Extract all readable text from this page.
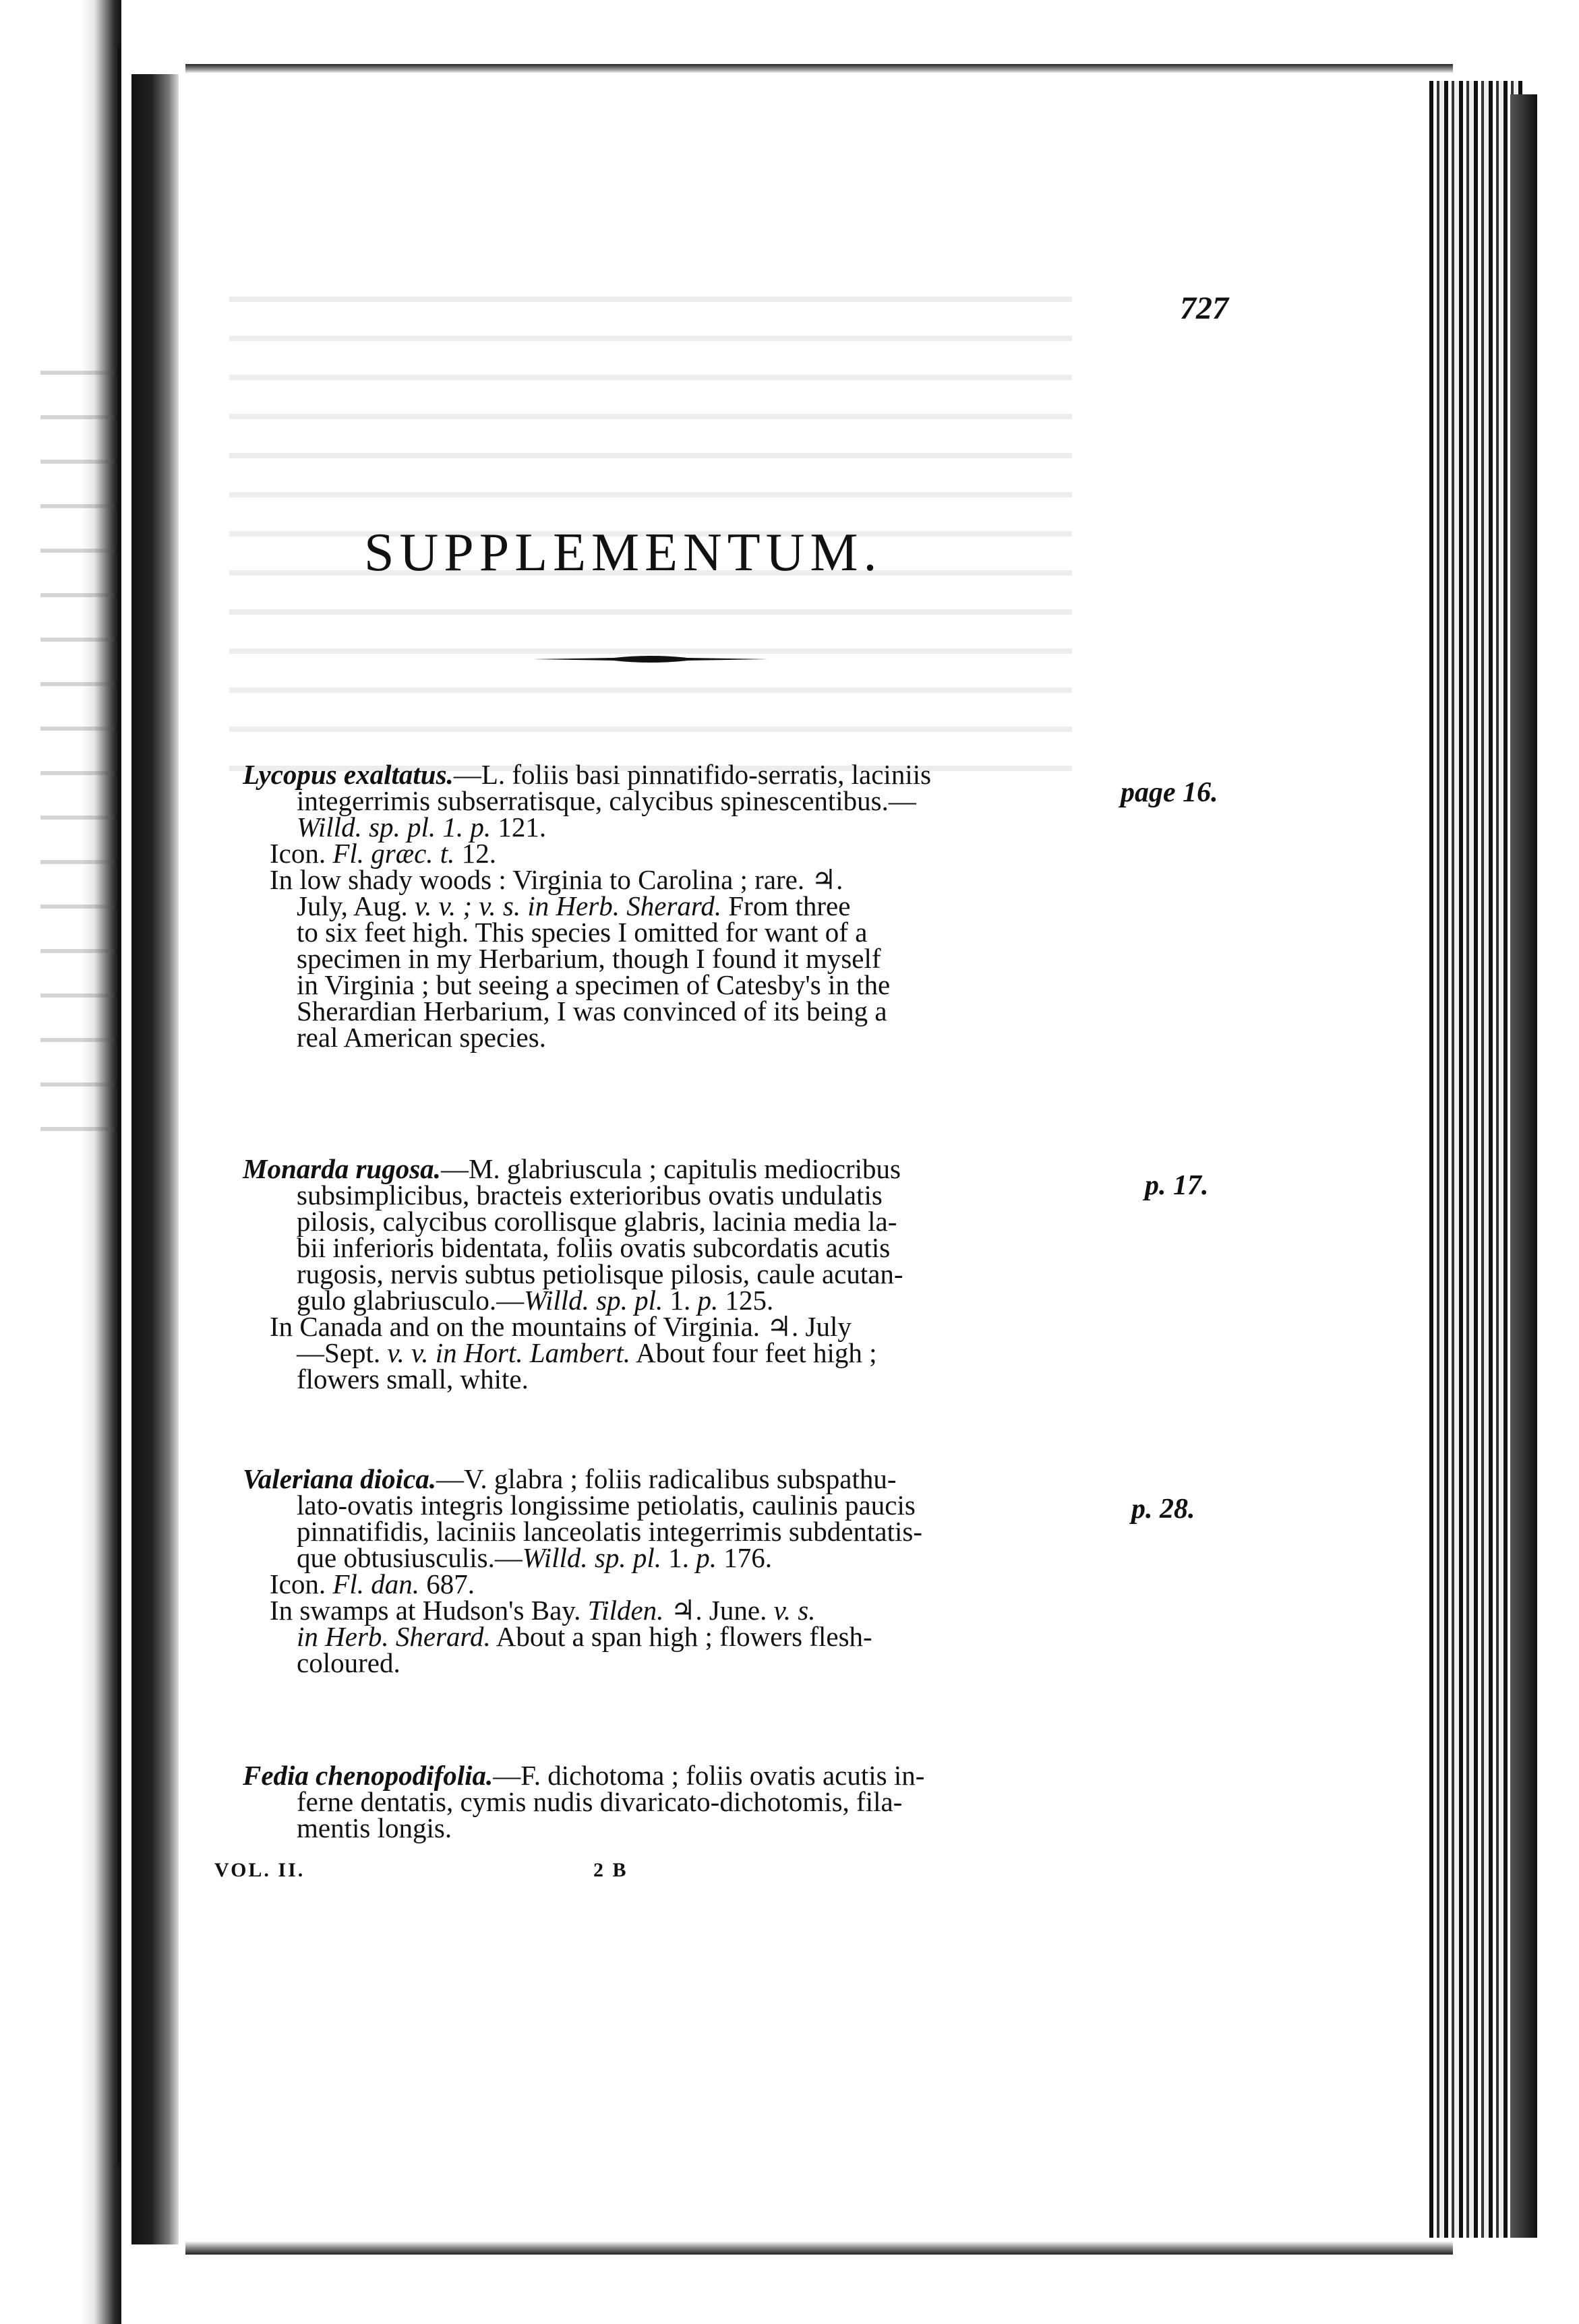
727
SUPPLEMENTUM.
Lycopus exaltatus.—L. foliis basi pinnatifido-serratis, laciniis
integerrimis subserratisque, calycibus spinescentibus.—
Willd. sp. pl. 1. p. 121.
Icon. Fl. græc. t. 12.
In low shady woods : Virginia to Carolina ; rare. ♃.
July, Aug. v. v. ; v. s. in Herb. Sherard. From three
to six feet high. This species I omitted for want of a
specimen in my Herbarium, though I found it myself
in Virginia ; but seeing a specimen of Catesby's in the
Sherardian Herbarium, I was convinced of its being a
real American species.
page 16.
Monarda rugosa.—M. glabriuscula ; capitulis mediocribus
subsimplicibus, bracteis exterioribus ovatis undulatis
pilosis, calycibus corollisque glabris, lacinia media la-
bii inferioris bidentata, foliis ovatis subcordatis acutis
rugosis, nervis subtus petiolisque pilosis, caule acutan-
gulo glabriusculo.—Willd. sp. pl. 1. p. 125.
In Canada and on the mountains of Virginia. ♃. July
—Sept. v. v. in Hort. Lambert. About four feet high ;
flowers small, white.
p. 17.
Valeriana dioica.—V. glabra ; foliis radicalibus subspathu-
lato-ovatis integris longissime petiolatis, caulinis paucis
pinnatifidis, laciniis lanceolatis integerrimis subdentatis-
que obtusiusculis.—Willd. sp. pl. 1. p. 176.
Icon. Fl. dan. 687.
In swamps at Hudson's Bay. Tilden. ♃. June. v. s.
in Herb. Sherard. About a span high ; flowers flesh-
coloured.
p. 28.
Fedia chenopodifolia.—F. dichotoma ; foliis ovatis acutis in-
ferne dentatis, cymis nudis divaricato-dichotomis, fila-
mentis longis.
VOL. II.	2 B
